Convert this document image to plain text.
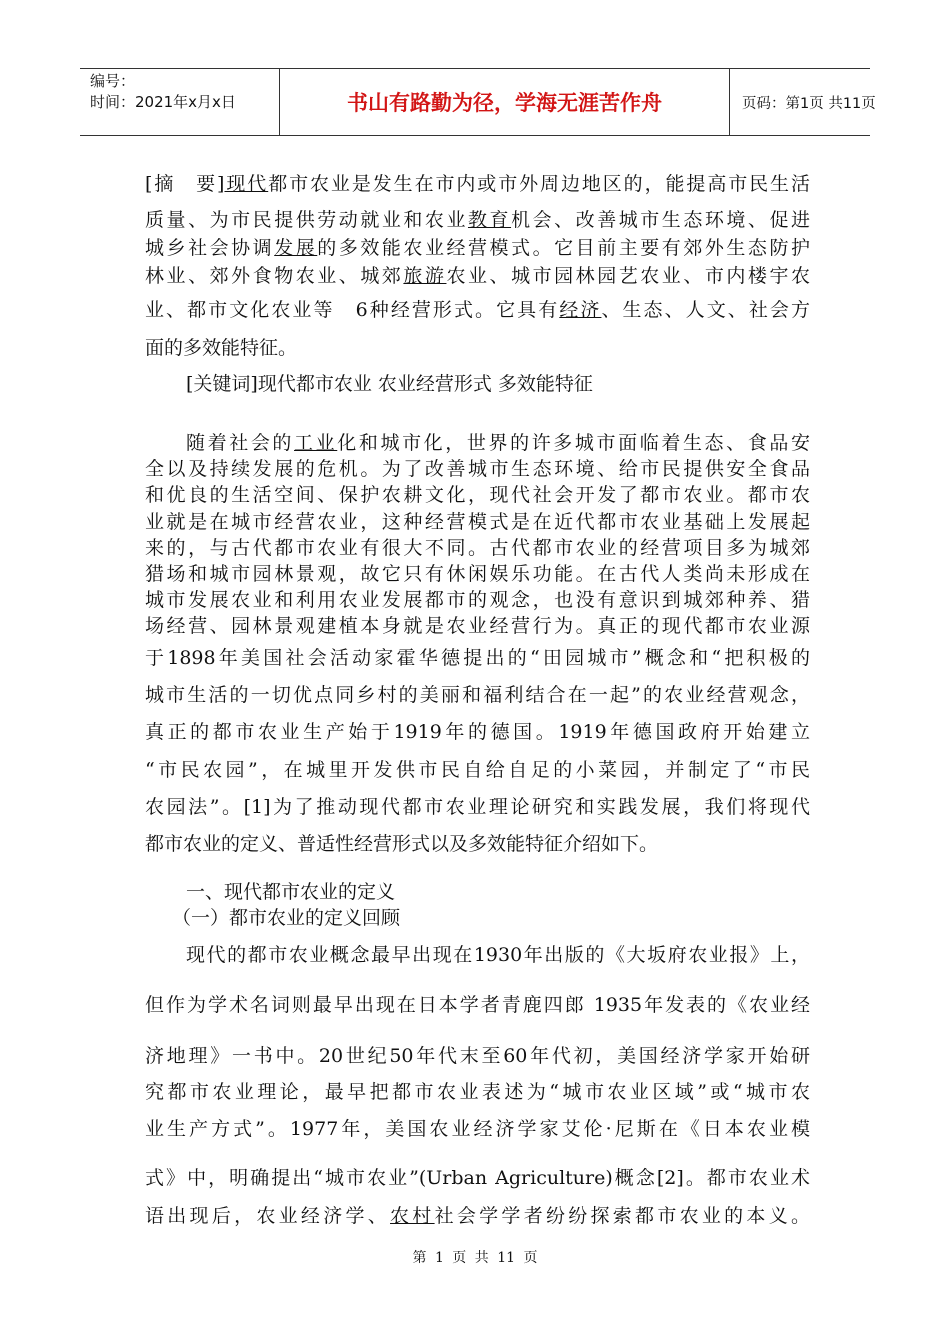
编号：
时间：2021年x月x日	书山有路勤为径，学海无涯苦作舟	页码：第1页 共11页
[摘　要]现代都市农业是发生在市内或市外周边地区的，能提高市民生活
质量、为市民提供劳动就业和农业教育机会、改善城市生态环境、促进
城乡社会协调发展的多效能农业经营模式。它目前主要有郊外生态防护
林业、郊外食物农业、城郊旅游农业、城市园林园艺农业、市内楼宇农
业、都市文化农业等　6种经营形式。它具有经济、生态、人文、社会方
面的多效能特征。
[关键词]现代都市农业 农业经营形式 多效能特征
随着社会的工业化和城市化，世界的许多城市面临着生态、食品安
全以及持续发展的危机。为了改善城市生态环境、给市民提供安全食品
和优良的生活空间、保护农耕文化，现代社会开发了都市农业。都市农
业就是在城市经营农业，这种经营模式是在近代都市农业基础上发展起
来的，与古代都市农业有很大不同。古代都市农业的经营项目多为城郊
猎场和城市园林景观，故它只有休闲娱乐功能。在古代人类尚未形成在
城市发展农业和利用农业发展都市的观念，也没有意识到城郊种养、猎
场经营、园林景观建植本身就是农业经营行为。真正的现代都市农业源
于1898年美国社会活动家霍华德提出的“田园城市”概念和“把积极的
城市生活的一切优点同乡村的美丽和福利结合在一起”的农业经营观念，
真正的都市农业生产始于1919年的德国。1919年德国政府开始建立
“市民农园”，在城里开发供市民自给自足的小菜园，并制定了“市民
农园法”。[1]为了推动现代都市农业理论研究和实践发展，我们将现代
都市农业的定义、普适性经营形式以及多效能特征介绍如下。
一、现代都市农业的定义
（一）都市农业的定义回顾
现代的都市农业概念最早出现在1930年出版的《大坂府农业报》上，
但作为学术名词则最早出现在日本学者青鹿四郎 1935年发表的《农业经
济地理》一书中。20世纪50年代末至60年代初，美国经济学家开始研
究都市农业理论，最早把都市农业表述为“城市农业区域”或“城市农
业生产方式”。1977年，美国农业经济学家艾伦·尼斯在《日本农业模
式》中，明确提出“城市农业”(Urban Agriculture)概念[2]。都市农业术
语出现后，农业经济学、农村社会学学者纷纷探索都市农业的本义。
第 1 页 共 11 页
